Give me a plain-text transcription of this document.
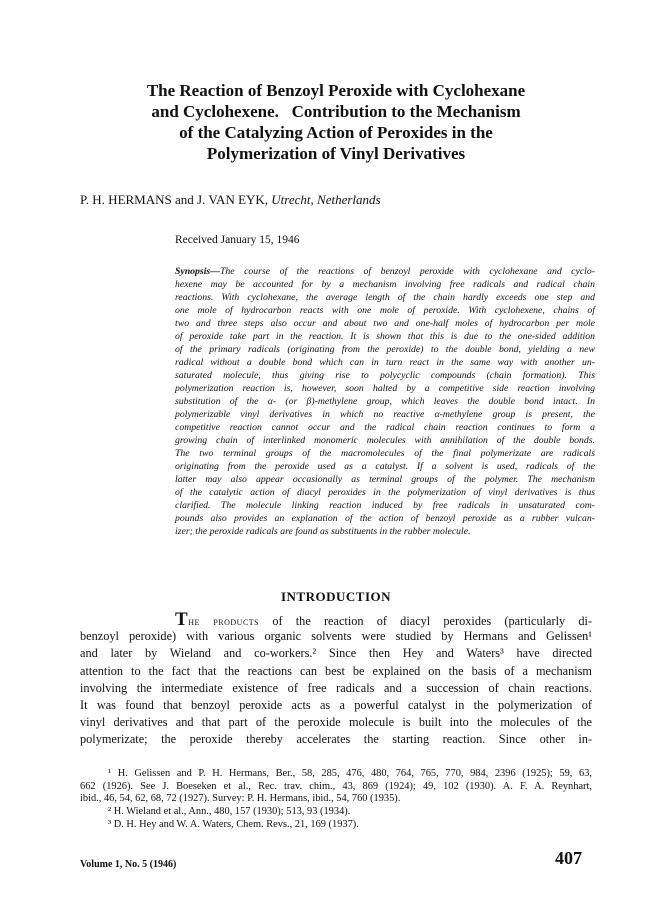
The Reaction of Benzoyl Peroxide with Cyclohexane
and Cyclohexene.   Contribution to the Mechanism
of the Catalyzing Action of Peroxides in the
Polymerization of Vinyl Derivatives
P. H. HERMANS and J. VAN EYK, Utrecht, Netherlands
Received January 15, 1946
Synopsis—The course of the reactions of benzoyl peroxide with cyclohexane and cyclo-
hexene may be accounted for by a mechanism involving free radicals and radical chain
reactions. With cyclohexane, the average length of the chain hardly exceeds one step and
one mole of hydrocarbon reacts with one mole of peroxide. With cyclohexene, chains of
two and three steps also occur and about two and one-half moles of hydrocarbon per mole
of peroxide take part in the reaction. It is shown that this is due to the one-sided addition
of the primary radicals (originating from the peroxide) to the double bond, yielding a new
radical without a double bond which can in turn react in the same way with another un-
saturated molecule, thus giving rise to polycyclic compounds (chain formation). This
polymerization reaction is, however, soon halted by a competitive side reaction involving
substitution of the α- (or β)-methylene group, which leaves the double bond intact. In
polymerizable vinyl derivatives in which no reactive α-methylene group is present, the
competitive reaction cannot occur and the radical chain reaction continues to form a
growing chain of interlinked monomeric molecules with annihilation of the double bonds.
The two terminal groups of the macromolecules of the final polymerizate are radicals
originating from the peroxide used as a catalyst. If a solvent is used, radicals of the
latter may also appear occasionally as terminal groups of the polymer. The mechanism
of the catalytic action of diacyl peroxides in the polymerization of vinyl derivatives is thus
clarified. The molecule linking reaction induced by free radicals in unsaturated com-
pounds also provides an explanation of the action of benzoyl peroxide as a rubber vulcan-
izer; the peroxide radicals are found as substituents in the rubber molecule.
INTRODUCTION
The products of the reaction of diacyl peroxides (particularly di-
benzoyl peroxide) with various organic solvents were studied by Hermans and Gelissen¹
and later by Wieland and co-workers.² Since then Hey and Waters³ have directed
attention to the fact that the reactions can best be explained on the basis of a mechanism
involving the intermediate existence of free radicals and a succession of chain reactions.
It was found that benzoyl peroxide acts as a powerful catalyst in the polymerization of
vinyl derivatives and that part of the peroxide molecule is built into the molecules of the
polymerizate; the peroxide thereby accelerates the starting reaction. Since other in-
¹ H. Gelissen and P. H. Hermans, Ber., 58, 285, 476, 480, 764, 765, 770, 984, 2396 (1925); 59, 63,
662 (1926). See J. Boeseken et al., Rec. trav. chim., 43, 869 (1924); 49, 102 (1930). A. F. A. Reynhart,
ibid., 46, 54, 62, 68, 72 (1927). Survey: P. H. Hermans, ibid., 54, 760 (1935).
² H. Wieland et al., Ann., 480, 157 (1930); 513, 93 (1934).
³ D. H. Hey and W. A. Waters, Chem. Revs., 21, 169 (1937).
Volume 1, No. 5 (1946)	407
